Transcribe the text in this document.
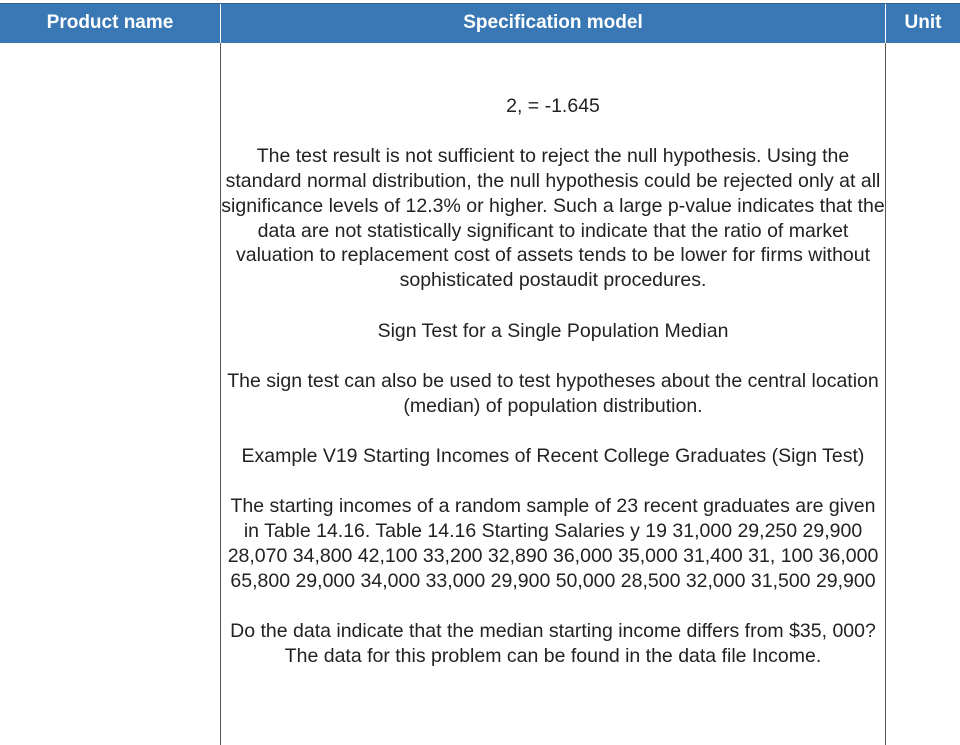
Product name	Specification model	Unit

2, = -1.645

The test result is not sufficient to reject the null hypothesis. Using the standard normal distribution, the null hypothesis could be rejected only at all significance levels of 12.3% or higher. Such a large p-value indicates that the data are not statistically significant to indicate that the ratio of market valuation to replacement cost of assets tends to be lower for firms without sophisticated postaudit procedures.

Sign Test for a Single Population Median

The sign test can also be used to test hypotheses about the central location (median) of population distribution.

Example V19 Starting Incomes of Recent College Graduates (Sign Test)

The starting incomes of a random sample of 23 recent graduates are given in Table 14.16. Table 14.16 Starting Salaries y 19 31,000 29,250 29,900 28,070 34,800 42,100 33,200 32,890 36,000 35,000 31,400 31, 100 36,000 65,800 29,000 34,000 33,000 29,900 50,000 28,500 32,000 31,500 29,900

Do the data indicate that the median starting income differs from $35, 000? The data for this problem can be found in the data file Income.
